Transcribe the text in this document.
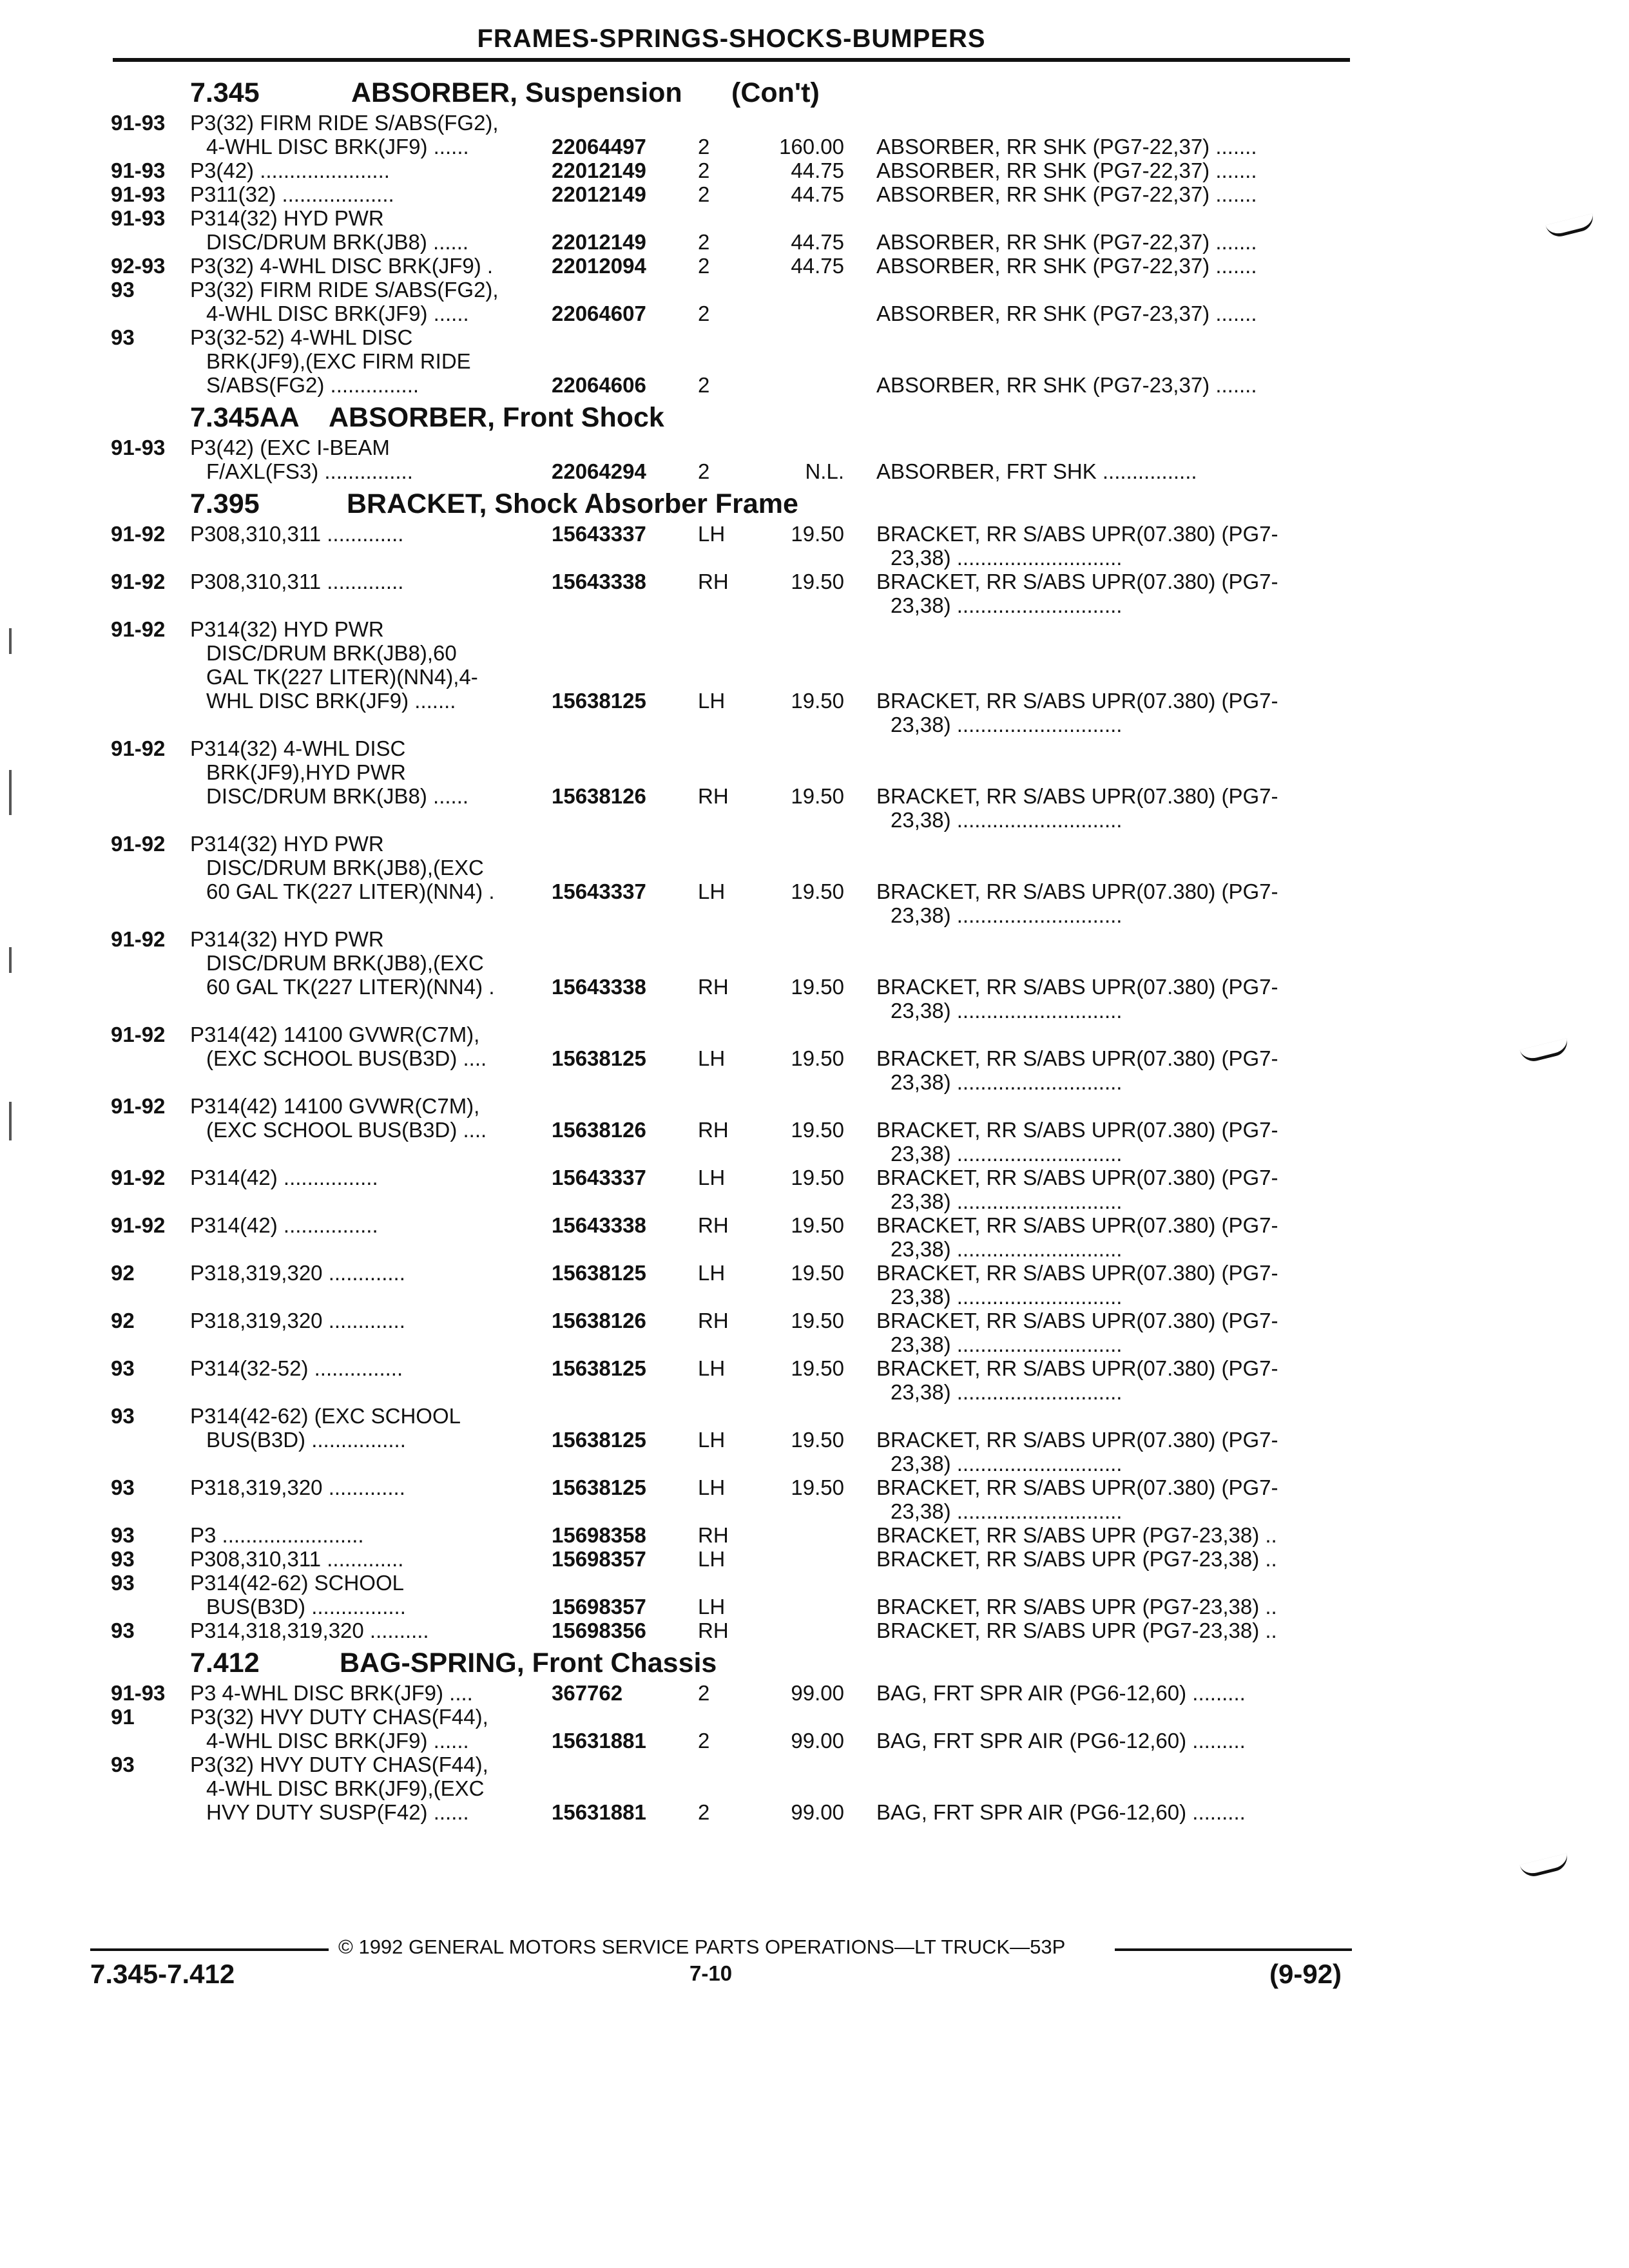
FRAMES-SPRINGS-SHOCKS-BUMPERS
7.345	ABSORBER, Suspension (Con't)
91-93 P3(32) FIRM RIDE S/ABS(FG2),
4-WHL DISC BRK(JF9) ......	22064497	2	160.00 ABSORBER, RR SHK (PG7-22,37) .......
91-93 P3(42) ......................	22012149	2	44.75 ABSORBER, RR SHK (PG7-22,37) .......
91-93 P311(32) ...................	22012149	2	44.75 ABSORBER, RR SHK (PG7-22,37) .......
91-93 P314(32) HYD PWR
DISC/DRUM BRK(JB8) ......	22012149	2	44.75 ABSORBER, RR SHK (PG7-22,37) .......
92-93 P3(32) 4-WHL DISC BRK(JF9) .	22012094	2	44.75 ABSORBER, RR SHK (PG7-22,37) .......
93	P3(32) FIRM RIDE S/ABS(FG2),
4-WHL DISC BRK(JF9) ......	22064607	2	ABSORBER, RR SHK (PG7-23,37) .......
93	P3(32-52) 4-WHL DISC
BRK(JF9),(EXC FIRM RIDE
S/ABS(FG2) ...............	22064606	2	ABSORBER, RR SHK (PG7-23,37) .......
7.345AA ABSORBER, Front Shock
91-93 P3(42) (EXC I-BEAM
F/AXL(FS3) ...............	22064294	2	N.L. ABSORBER, FRT SHK ................
7.395	BRACKET, Shock Absorber Frame
91-92 P308,310,311 .............	15643337	LH	19.50 BRACKET, RR S/ABS UPR(07.380) (PG7-
23,38) ............................
91-92 P308,310,311 .............	15643338	RH	19.50 BRACKET, RR S/ABS UPR(07.380) (PG7-
23,38) ............................
91-92 P314(32) HYD PWR
DISC/DRUM BRK(JB8),60
GAL TK(227 LITER)(NN4),4-
WHL DISC BRK(JF9) .......	15638125	LH	19.50 BRACKET, RR S/ABS UPR(07.380) (PG7-
23,38) ............................
91-92 P314(32) 4-WHL DISC
BRK(JF9),HYD PWR
DISC/DRUM BRK(JB8) ......	15638126	RH	19.50 BRACKET, RR S/ABS UPR(07.380) (PG7-
23,38) ............................
91-92 P314(32) HYD PWR
DISC/DRUM BRK(JB8),(EXC
60 GAL TK(227 LITER)(NN4) .	15643337	LH	19.50 BRACKET, RR S/ABS UPR(07.380) (PG7-
23,38) ............................
91-92 P314(32) HYD PWR
DISC/DRUM BRK(JB8),(EXC
60 GAL TK(227 LITER)(NN4) .	15643338	RH	19.50 BRACKET, RR S/ABS UPR(07.380) (PG7-
23,38) ............................
91-92 P314(42) 14100 GVWR(C7M),
(EXC SCHOOL BUS(B3D) ....	15638125	LH	19.50 BRACKET, RR S/ABS UPR(07.380) (PG7-
23,38) ............................
91-92 P314(42) 14100 GVWR(C7M),
(EXC SCHOOL BUS(B3D) ....	15638126	RH	19.50 BRACKET, RR S/ABS UPR(07.380) (PG7-
23,38) ............................
91-92 P314(42) ................	15643337	LH	19.50 BRACKET, RR S/ABS UPR(07.380) (PG7-
23,38) ............................
91-92 P314(42) ................	15643338	RH	19.50 BRACKET, RR S/ABS UPR(07.380) (PG7-
23,38) ............................
92	P318,319,320 .............	15638125	LH	19.50 BRACKET, RR S/ABS UPR(07.380) (PG7-
23,38) ............................
92	P318,319,320 .............	15638126	RH	19.50 BRACKET, RR S/ABS UPR(07.380) (PG7-
23,38) ............................
93	P314(32-52) ...............	15638125	LH	19.50 BRACKET, RR S/ABS UPR(07.380) (PG7-
23,38) ............................
93	P314(42-62) (EXC SCHOOL
BUS(B3D) ................	15638125	LH	19.50 BRACKET, RR S/ABS UPR(07.380) (PG7-
23,38) ............................
93	P318,319,320 .............	15638125	LH	19.50 BRACKET, RR S/ABS UPR(07.380) (PG7-
23,38) ............................
93	P3 ........................	15698358	RH	BRACKET, RR S/ABS UPR (PG7-23,38) ..
93	P308,310,311 .............	15698357	LH	BRACKET, RR S/ABS UPR (PG7-23,38) ..
93	P314(42-62) SCHOOL
BUS(B3D) ................	15698357	LH	BRACKET, RR S/ABS UPR (PG7-23,38) ..
93	P314,318,319,320 ..........	15698356	RH	BRACKET, RR S/ABS UPR (PG7-23,38) ..
7.412	BAG-SPRING, Front Chassis
91-93 P3 4-WHL DISC BRK(JF9) ....	367762	2	99.00 BAG, FRT SPR AIR (PG6-12,60) .........
91	P3(32) HVY DUTY CHAS(F44),
4-WHL DISC BRK(JF9) ......	15631881	2	99.00 BAG, FRT SPR AIR (PG6-12,60) .........
93	P3(32) HVY DUTY CHAS(F44),
4-WHL DISC BRK(JF9),(EXC
HVY DUTY SUSP(F42) ......	15631881	2	99.00 BAG, FRT SPR AIR (PG6-12,60) .........
© 1992 GENERAL MOTORS SERVICE PARTS OPERATIONS—LT TRUCK—53P
7.345-7.412	7-10	(9-92)
